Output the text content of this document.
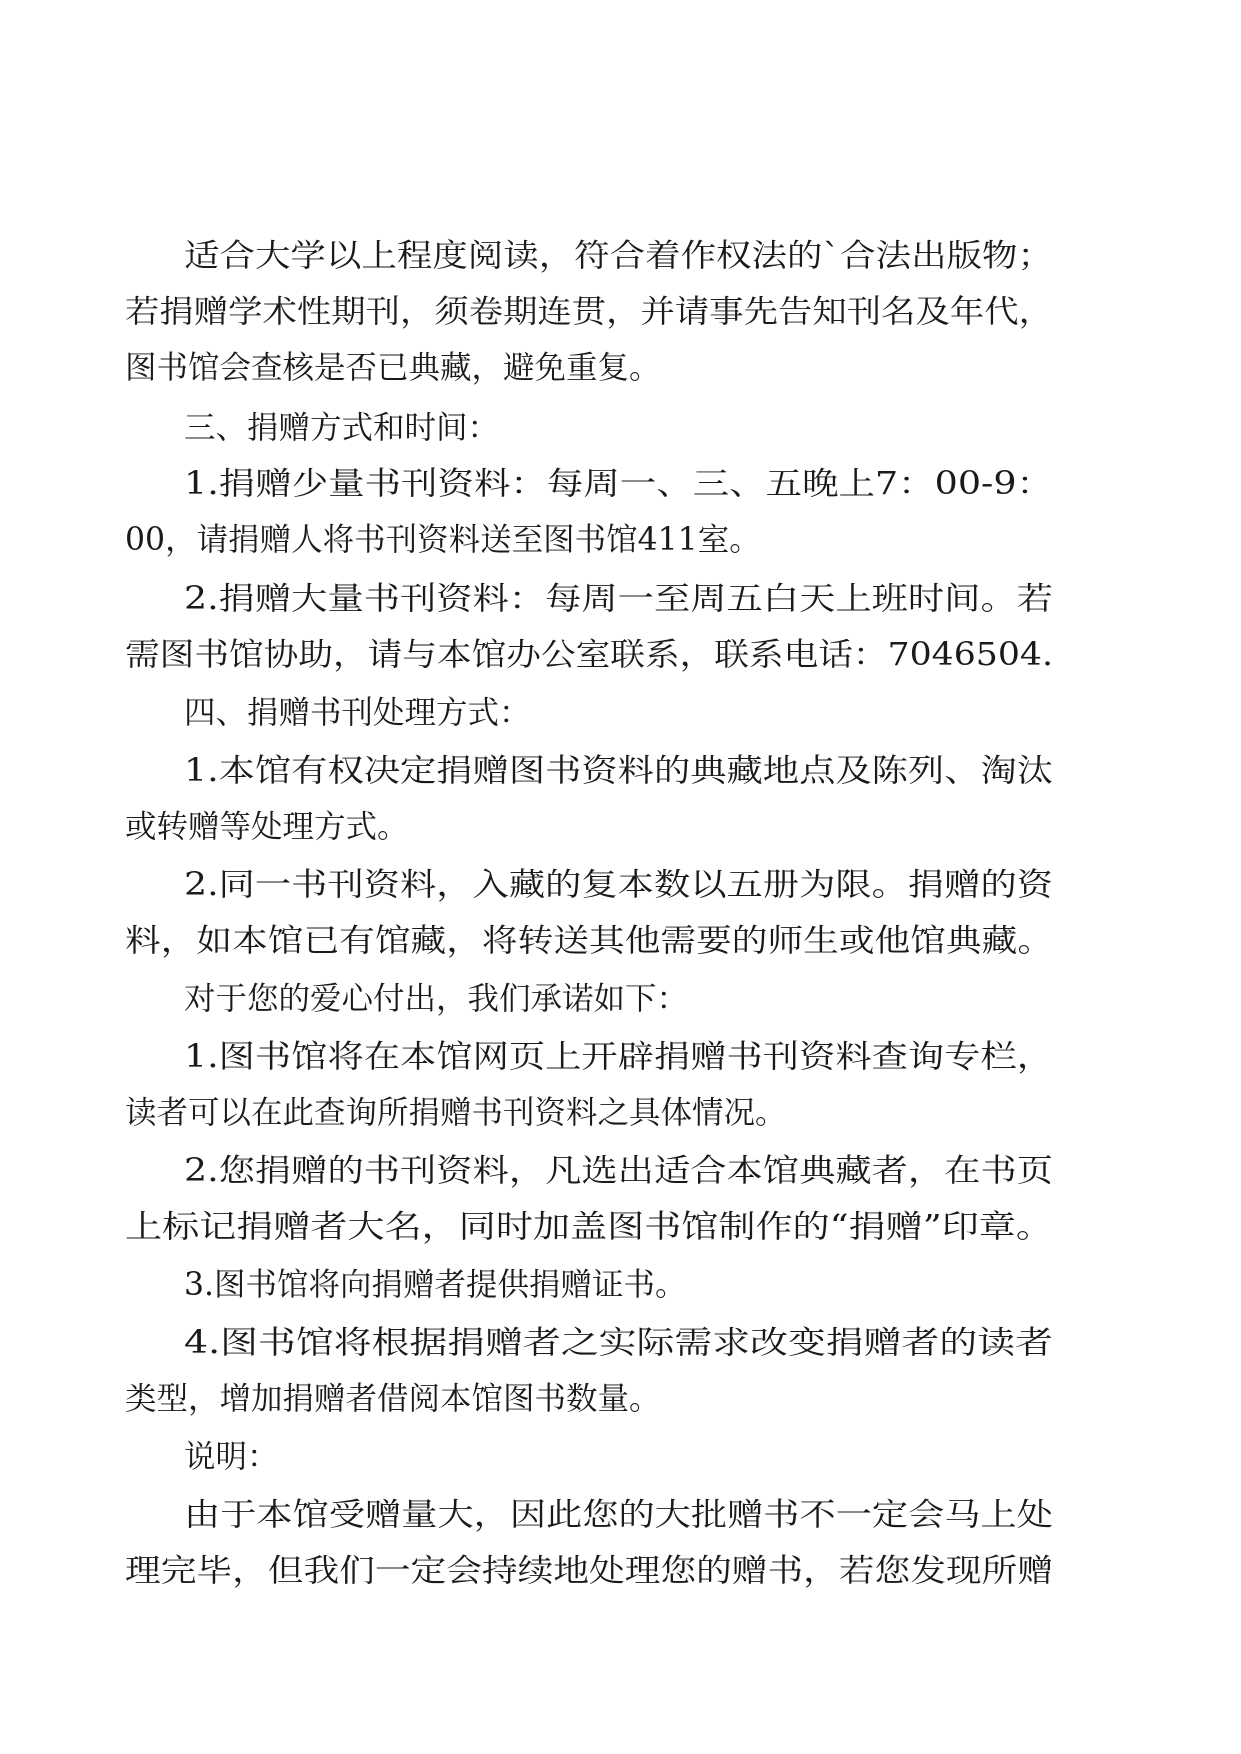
适合大学以上程度阅读，符合着作权法的`合法出版物；
若捐赠学术性期刊，须卷期连贯，并请事先告知刊名及年代，
图书馆会查核是否已典藏，避免重复。
三、捐赠方式和时间：
1.捐赠少量书刊资料：每周一、三、五晚上7：00-9：
00，请捐赠人将书刊资料送至图书馆411室。
2.捐赠大量书刊资料：每周一至周五白天上班时间。若
需图书馆协助，请与本馆办公室联系，联系电话：7046504.
四、捐赠书刊处理方式：
1.本馆有权决定捐赠图书资料的典藏地点及陈列、淘汰
或转赠等处理方式。
2.同一书刊资料，入藏的复本数以五册为限。捐赠的资
料，如本馆已有馆藏，将转送其他需要的师生或他馆典藏。
对于您的爱心付出，我们承诺如下：
1.图书馆将在本馆网页上开辟捐赠书刊资料查询专栏，
读者可以在此查询所捐赠书刊资料之具体情况。
2.您捐赠的书刊资料，凡选出适合本馆典藏者，在书页
上标记捐赠者大名，同时加盖图书馆制作的“捐赠”印章。
3.图书馆将向捐赠者提供捐赠证书。
4.图书馆将根据捐赠者之实际需求改变捐赠者的读者
类型，增加捐赠者借阅本馆图书数量。
说明：
由于本馆受赠量大，因此您的大批赠书不一定会马上处
理完毕，但我们一定会持续地处理您的赠书，若您发现所赠
